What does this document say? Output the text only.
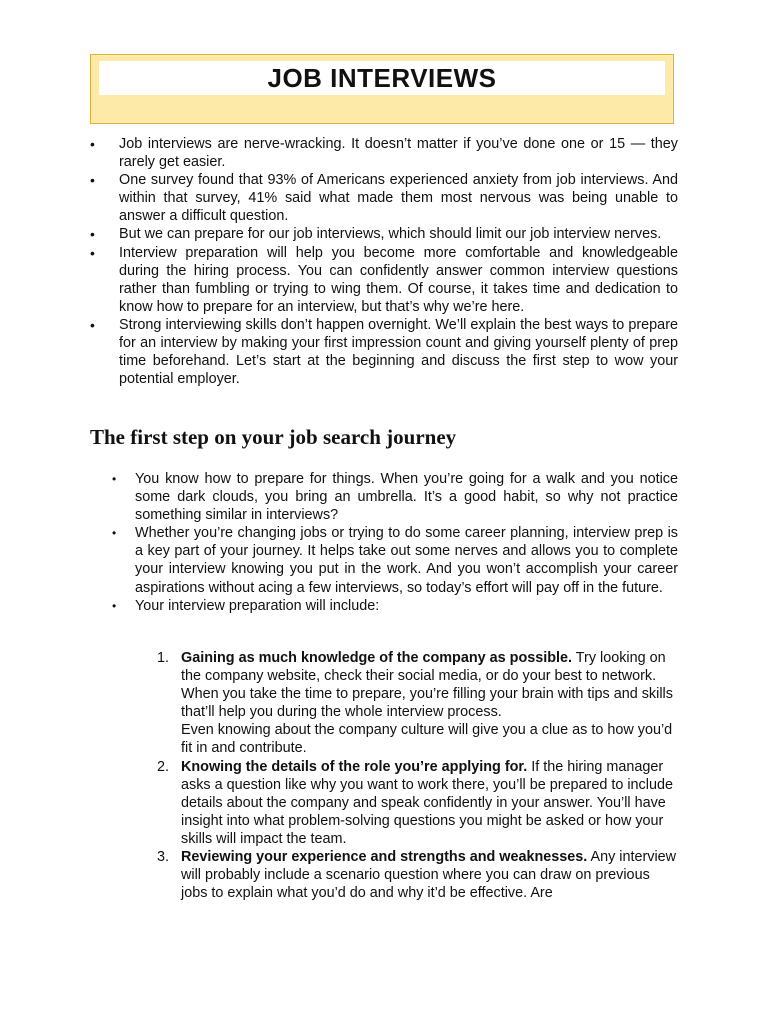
JOB INTERVIEWS
• Job interviews are nerve-wracking. It doesn’t matter if you’ve done one or 15 — they rarely get easier.
• One survey found that 93% of Americans experienced anxiety from job interviews. And within that survey, 41% said what made them most nervous was being unable to answer a difficult question.
• But we can prepare for our job interviews, which should limit our job interview nerves.
• Interview preparation will help you become more comfortable and knowledgeable during the hiring process. You can confidently answer common interview questions rather than fumbling or trying to wing them. Of course, it takes time and dedication to know how to prepare for an interview, but that’s why we’re here.
• Strong interviewing skills don’t happen overnight. We’ll explain the best ways to prepare for an interview by making your first impression count and giving yourself plenty of prep time beforehand. Let’s start at the beginning and discuss the first step to wow your potential employer.
The first step on your job search journey
• You know how to prepare for things. When you’re going for a walk and you notice some dark clouds, you bring an umbrella. It’s a good habit, so why not practice something similar in interviews?
• Whether you’re changing jobs or trying to do some career planning, interview prep is a key part of your journey. It helps take out some nerves and allows you to complete your interview knowing you put in the work. And you won’t accomplish your career aspirations without acing a few interviews, so today’s effort will pay off in the future.
• Your interview preparation will include:
1. Gaining as much knowledge of the company as possible. Try looking on the company website, check their social media, or do your best to network. When you take the time to prepare, you’re filling your brain with tips and skills that’ll help you during the whole interview process.
Even knowing about the company culture will give you a clue as to how you’d fit in and contribute.
2. Knowing the details of the role you’re applying for. If the hiring manager asks a question like why you want to work there, you’ll be prepared to include details about the company and speak confidently in your answer. You’ll have insight into what problem-solving questions you might be asked or how your skills will impact the team.
3. Reviewing your experience and strengths and weaknesses. Any interview will probably include a scenario question where you can draw on previous jobs to explain what you’d do and why it’d be effective. Are
